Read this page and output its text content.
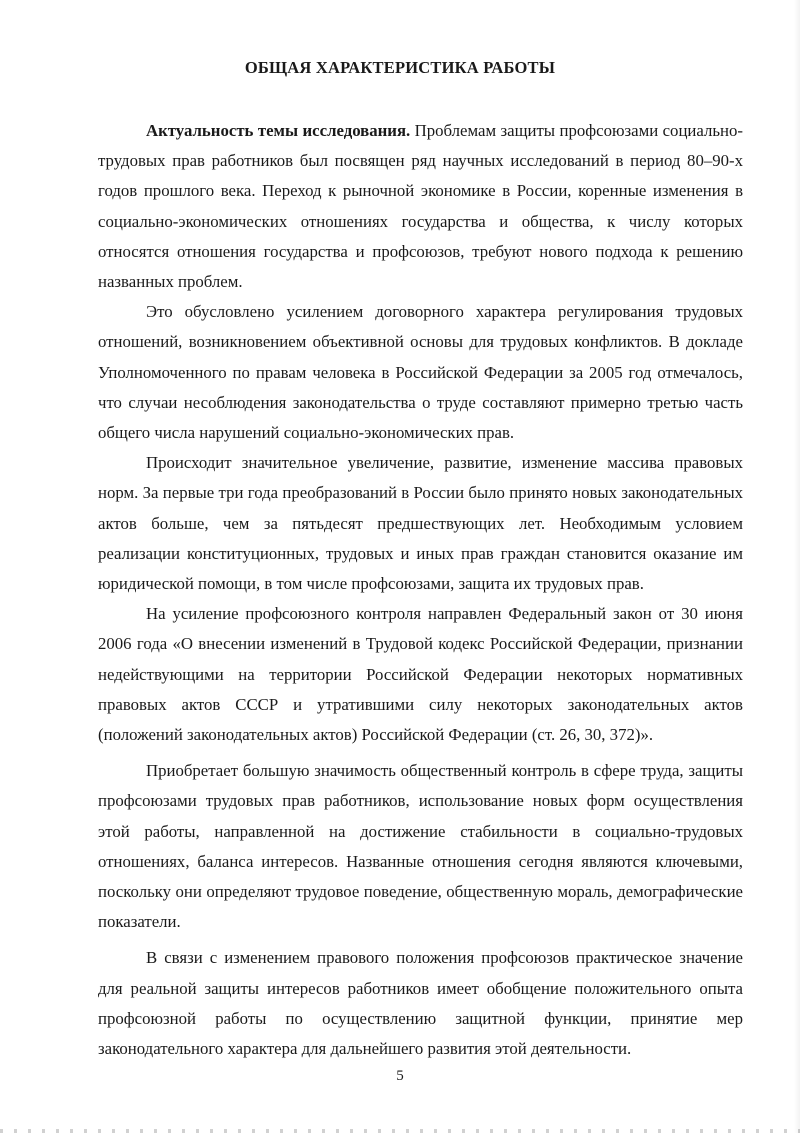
ОБЩАЯ ХАРАКТЕРИСТИКА РАБОТЫ

Актуальность темы исследования. Проблемам защиты профсоюзами социально-трудовых прав работников был посвящен ряд научных исследований в период 80–90-х годов прошлого века. Переход к рыночной экономике в России, коренные изменения в социально-экономических отношениях государства и общества, к числу которых относятся отношения государства и профсоюзов, требуют нового подхода к решению названных проблем.

Это обусловлено усилением договорного характера регулирования трудовых отношений, возникновением объективной основы для трудовых конфликтов. В докладе Уполномоченного по правам человека в Российской Федерации за 2005 год отмечалось, что случаи несоблюдения законодательства о труде составляют примерно третью часть общего числа нарушений социально-экономических прав.

Происходит значительное увеличение, развитие, изменение массива правовых норм. За первые три года преобразований в России было принято новых законодательных актов больше, чем за пятьдесят предшествующих лет. Необходимым условием реализации конституционных, трудовых и иных прав граждан становится оказание им юридической помощи, в том числе профсоюзами, защита их трудовых прав.

На усиление профсоюзного контроля направлен Федеральный закон от 30 июня 2006 года «О внесении изменений в Трудовой кодекс Российской Федерации, признании недействующими на территории Российской Федерации некоторых нормативных правовых актов СССР и утратившими силу некоторых законодательных актов (положений законодательных актов) Российской Федерации (ст. 26, 30, 372)».

Приобретает большую значимость общественный контроль в сфере труда, защиты профсоюзами трудовых прав работников, использование новых форм осуществления этой работы, направленной на достижение стабильности в социально-трудовых отношениях, баланса интересов. Названные отношения сегодня являются ключевыми, поскольку они определяют трудовое поведение, общественную мораль, демографические показатели.

В связи с изменением правового положения профсоюзов практическое значение для реальной защиты интересов работников имеет обобщение положительного опыта профсоюзной работы по осуществлению защитной функции, принятие мер законодательного характера для дальнейшего развития этой деятельности.

5
